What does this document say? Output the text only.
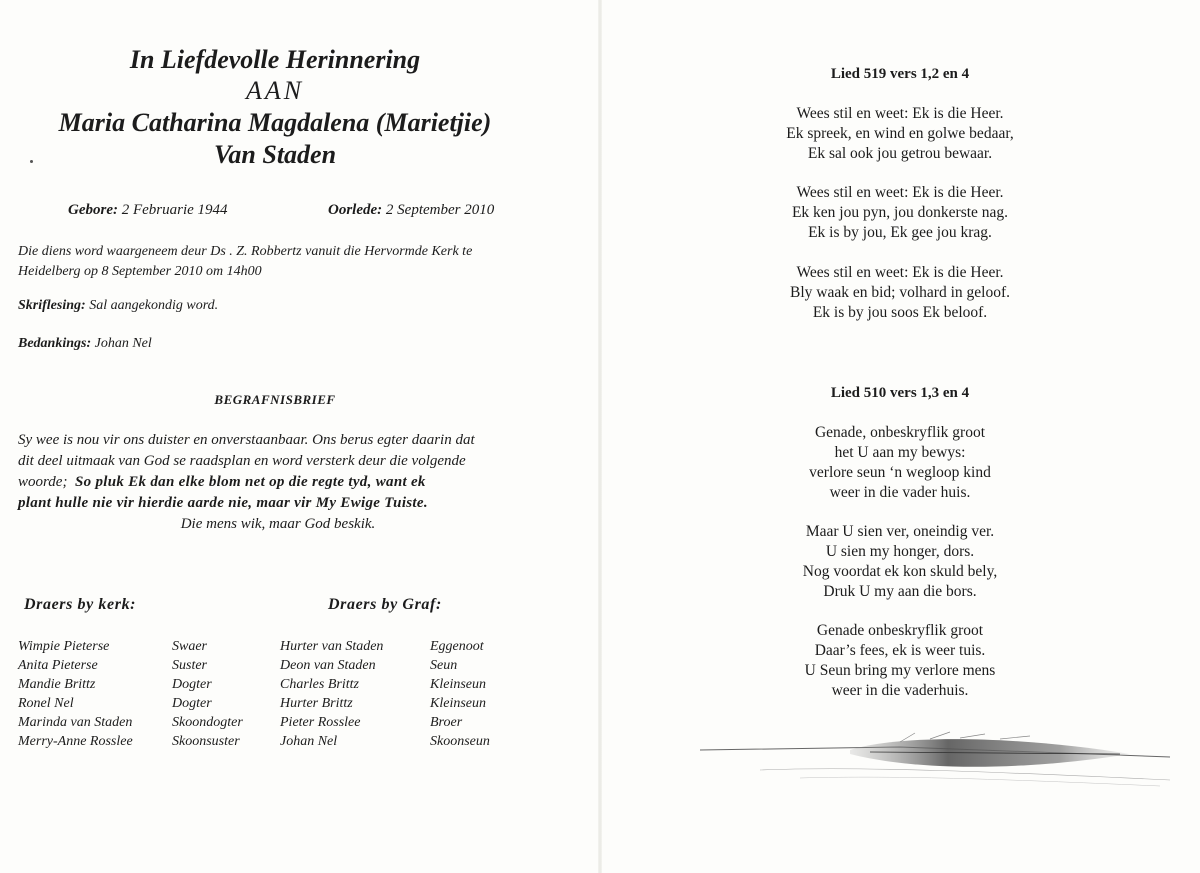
In Liefdevolle Herinnering
AAN
Maria Catharina Magdalena (Marietjie)
Van Staden
Gebore: 2 Februarie 1944	Oorlede: 2 September 2010
Die diens word waargeneem deur Ds . Z. Robbertz vanuit die Hervormde Kerk te
Heidelberg op 8 September 2010 om 14h00
Skriflesing: Sal aangekondig word.
Bedankings: Johan Nel
BEGRAFNISBRIEF
Sy wee is nou vir ons duister en onverstaanbaar. Ons berus egter daarin dat
dit deel uitmaak van God se raadsplan en word versterk deur die volgende
woorde; So pluk Ek dan elke blom net op die regte tyd, want ek
plant hulle nie vir hierdie aarde nie, maar vir My Ewige Tuiste.
Die mens wik, maar God beskik.
Draers by kerk:	Draers by Graf:
Wimpie Pieterse
Anita Pieterse
Mandie Brittz
Ronel Nel
Marinda van Staden
Merry-Anne Rosslee
Swaer
Suster
Dogter
Dogter
Skoondogter
Skoonsuster
Hurter van Staden
Deon van Staden
Charles Brittz
Hurter Brittz
Pieter Rosslee
Johan Nel
Eggenoot
Seun
Kleinseun
Kleinseun
Broer
Skoonseun
Lied 519 vers 1,2 en 4
Wees stil en weet: Ek is die Heer.
Ek spreek, en wind en golwe bedaar,
Ek sal ook jou getrou bewaar.
Wees stil en weet: Ek is die Heer.
Ek ken jou pyn, jou donkerste nag.
Ek is by jou, Ek gee jou krag.
Wees stil en weet: Ek is die Heer.
Bly waak en bid; volhard in geloof.
Ek is by jou soos Ek beloof.
Lied 510 vers 1,3 en 4
Genade, onbeskryflik groot
het U aan my bewys:
verlore seun ‘n wegloop kind
weer in die vader huis.
Maar U sien ver, oneindig ver.
U sien my honger, dors.
Nog voordat ek kon skuld bely,
Druk U my aan die bors.
Genade onbeskryflik groot
Daar’s fees, ek is weer tuis.
U Seun bring my verlore mens
weer in die vaderhuis.
